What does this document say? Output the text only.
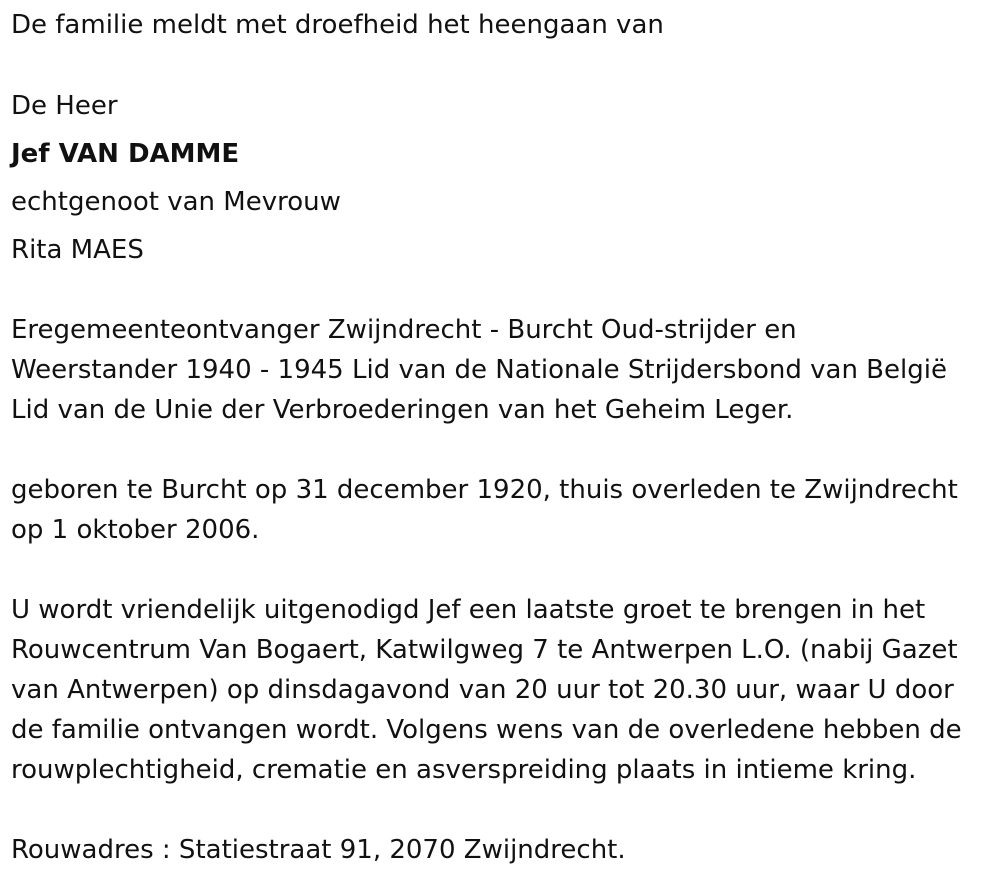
De familie meldt met droefheid het heengaan van
De Heer
Jef VAN DAMME
echtgenoot van Mevrouw
Rita MAES
Eregemeenteontvanger Zwijndrecht - Burcht Oud-strijder en
Weerstander 1940 - 1945 Lid van de Nationale Strijdersbond van België
Lid van de Unie der Verbroederingen van het Geheim Leger.
geboren te Burcht op 31 december 1920, thuis overleden te Zwijndrecht
op 1 oktober 2006.
U wordt vriendelijk uitgenodigd Jef een laatste groet te brengen in het
Rouwcentrum Van Bogaert, Katwilgweg 7 te Antwerpen L.O. (nabij Gazet
van Antwerpen) op dinsdagavond van 20 uur tot 20.30 uur, waar U door
de familie ontvangen wordt. Volgens wens van de overledene hebben de
rouwplechtigheid, crematie en asverspreiding plaats in intieme kring.
Rouwadres : Statiestraat 91, 2070 Zwijndrecht.
